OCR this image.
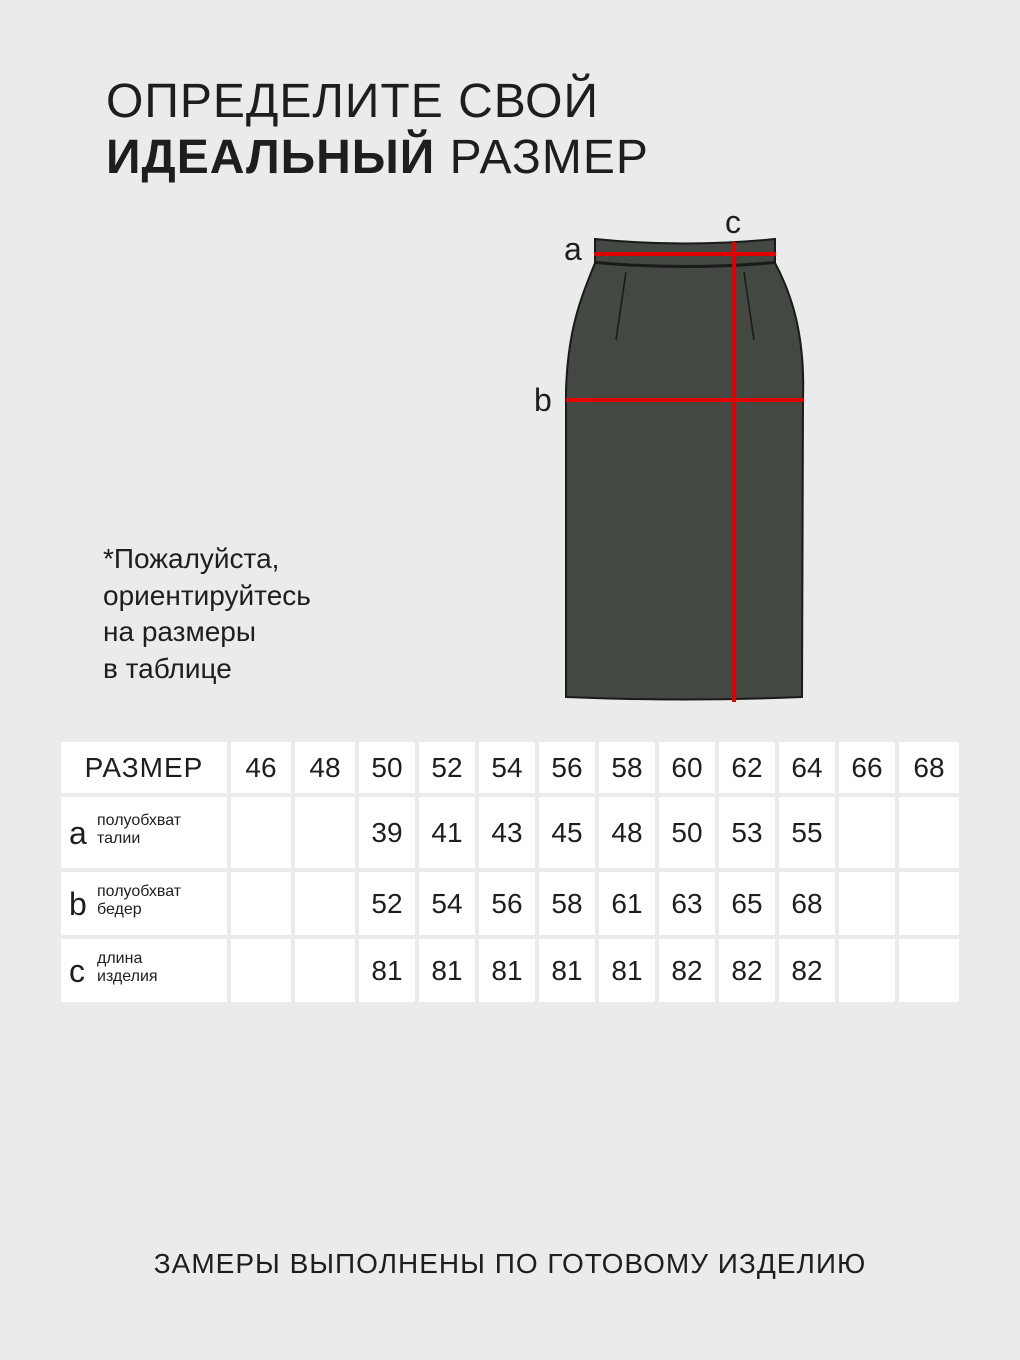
ОПРЕДЕЛИТЕ СВОЙ
ИДЕАЛЬНЫЙ РАЗМЕР
*Пожалуйста,
ориентируйтесь
на размеры
в таблице
a
b
c
РАЗМЕР	46	48	50	52	54	56	58	60	62	64	66	68

a полуобхват
талии			39	41	43	45	48	50	53	55		

b полуобхват
бедер			52	54	56	58	61	63	65	68		

c длина
изделия			81	81	81	81	81	82	82	82		
ЗАМЕРЫ ВЫПОЛНЕНЫ ПО ГОТОВОМУ ИЗДЕЛИЮ
